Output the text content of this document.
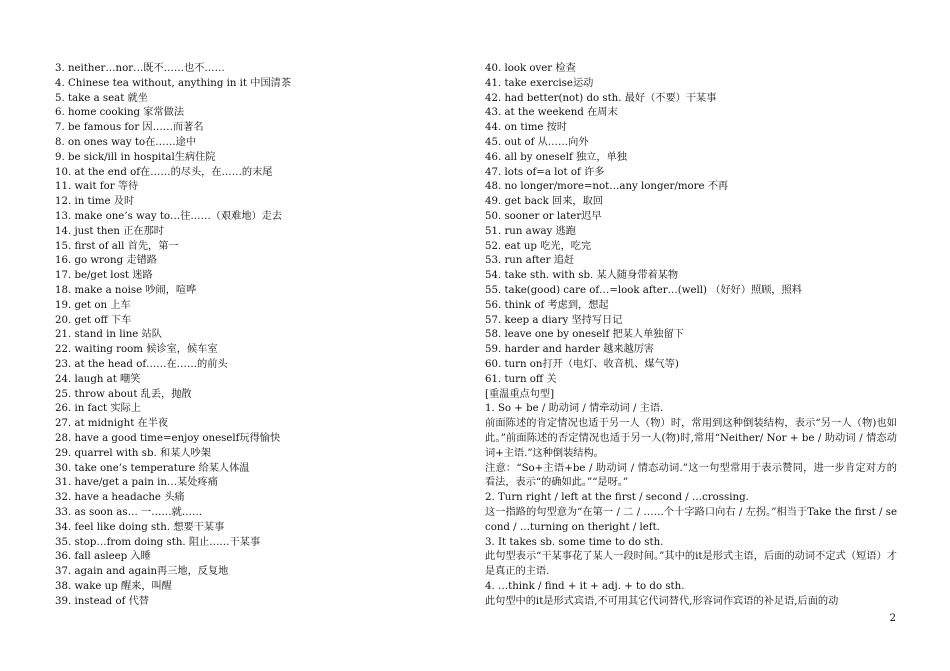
3. neither…nor…既不……也不……
4. Chinese tea without, anything in it 中国清茶
5. take a seat 就坐
6. home cooking 家常做法
7. be famous for 因……而著名
8. on ones way to在……途中
9. be sick/ill in hospital生病住院
10. at the end of在……的尽头，在……的末尾
11. wait for 等待
12. in time 及时
13. make one’s way to…往……（艰难地）走去
14. just then 正在那时
15. first of all 首先，第一
16. go wrong 走错路
17. be/get lost 迷路
18. make a noise 吵闹，喧哗
19. get on 上车
20. get off 下车
21. stand in line 站队
22. waiting room 候诊室，候车室
23. at the head of……在……的前头
24. laugh at 嘲笑
25. throw about 乱丢，抛散
26. in fact 实际上
27. at midnight 在半夜
28. have a good time=enjoy oneself玩得愉快
29. quarrel with sb. 和某人吵架
30. take one’s temperature 给某人体温
31. have/get a pain in…某处疼痛
32. have a headache 头痛
33. as soon as… 一……就……
34. feel like doing sth. 想要干某事
35. stop…from doing sth. 阻止……干某事
36. fall asleep 入睡
37. again and again再三地，反复地
38. wake up 醒来，叫醒
39. instead of 代替
40. look over 检查
41. take exercise运动
42. had better(not) do sth. 最好（不要）干某事
43. at the weekend 在周末
44. on time 按时
45. out of 从……向外
46. all by oneself 独立，单独
47. lots of=a lot of 许多
48. no longer/more=not…any longer/more 不再
49. get back 回来，取回
50. sooner or later迟早
51. run away 逃跑
52. eat up 吃光，吃完
53. run after 追赶
54. take sth. with sb. 某人随身带着某物
55. take(good) care of…=look after…(well) （好好）照顾，照料
56. think of 考虑到，想起
57. keep a diary 坚持写日记
58. leave one by oneself 把某人单独留下
59. harder and harder 越来越厉害
60. turn on打开（电灯、收音机、煤气等)
61. turn off 关
[重温重点句型]
1. So + be / 助动词 / 情牵动词 / 主语.
前面陈述的肯定情况也适于另一人（物）时，常用到这种倒装结构，表示“另一人（物)也如此。”前面陈述的否定情况也适于另一人(物)时,常用“Neither/ Nor + be / 助动词 / 情态动词+主语.”这种倒装结构。
注意：“So+主语+be / 助动词 / 情态动词.”这一句型常用于表示赞同，进一步肯定对方的看法，表示“的确如此。”“是呀。”
2. Turn right / left at the first / second / …crossing.
这一指路的句型意为“在第一 / 二 / ……个十字路口向右 / 左拐。”相当于Take the first / second / …turning on theright / left.
3. It takes sb. some time to do sth.
此句型表示“干某事花了某人一段时间。”其中的it是形式主语，后面的动词不定式（短语）才是真正的主语.
4. …think / find + it + adj. + to do sth.
此句型中的it是形式宾语,不可用其它代词替代,形容词作宾语的补足语,后面的动
2
